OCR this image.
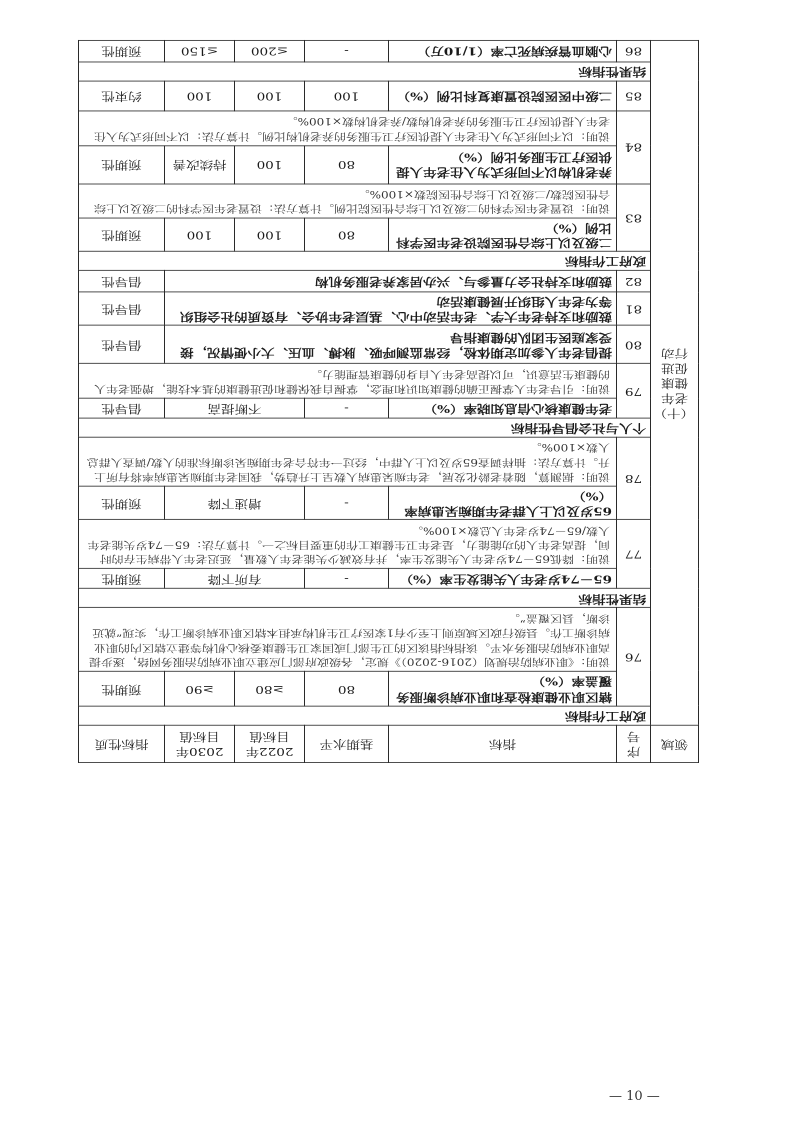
领域	序号	指标	基期水平	2022年目标值	2030年目标值	指标性质

（十）
老年
健康
促进
行动	政府工作指标					
	76	辖区职业健康检查和职业病诊断服务覆盖率（%）	80	≥80	≥90	预期性
		说明：《职业病防治规划（2016-2020）》规定，各级政府部门应建立职业病防治服务网络，逐步提高职业病防治服务水平。该指标指该区的卫生部门或国家卫生健康委核心机构等建立辖区内的职业病诊断工作。县级行政区域原则上至少有1家医疗卫生机构承担本辖区职业病诊断工作，实现“就近诊断，县区覆盖”。				
	结果性指标					
	77	65－74岁老年人失能发生率（%）	-	有所下降		预期性
		说明：降低65－74岁老年人失能发生率，并有效减少失能老年人数量，延迟老年人带病生存的时间，提高老年人的功能能力，是老年卫生健康工作的重要目标之一。计算方法：65－74岁失能老年人数/65－74岁老年人总数×100%。				
	78	65岁及以上人群老年期痴呆患病率（%）	-	增速下降		预期性
		说明：据测算，随着老龄化发展，老年痴呆患病人数呈上升趋势，我国老年期痴呆患病率将有所上升。计算方法：抽样调查65岁及以上人群中，经过一年符合老年期痴呆诊断标准的人数/调查人群总人数×100%。				
	个人与社会倡导性指标					
	79	老年健康核心信息知晓率（%）	-	不断提高		倡导性
		说明：引导老年人掌握正确的健康知识和理念，掌握自我保健和促进健康的基本技能，增强老年人的健康生活意识，可以提高老年人自身的健康管理能力。				
	80	提倡老年人参加定期体检，经常监测呼吸、脉搏、血压、大小便情况，接受家庭医生团队的健康指导				倡导性
	81	鼓励和支持老年大学、老年活动中心、基层老年协会、有资质的社会组织等为老年人组织开展健康活动				倡导性
	82	鼓励和支持社会力量参与、兴办居家养老服务机构				倡导性
	政府工作指标					
	83	二级及以上综合性医院设老年医学科比例（%）	80	100	100	预期性
		说明：设置老年医学科的二级及以上综合性医院比例。计算方法：设置老年医学科的二级及以上综合性医院数/二级及以上综合性医院数×100%。				
	84	养老机构以不同形式为入住老年人提供医疗卫生服务比例（%）	80	100	持续改善	预期性
		说明：以不同形式为入住老年人提供医疗卫生服务的养老机构比例。计算方法：以不同形式为入住老年人提供医疗卫生服务的养老机构数/养老机构数×100%。				
	85	二级中医医院设置康复科比例（%）	100	100	100	约束性
	结果性指标					
	86	心脑血管疾病死亡率（1/10万）	-	≤200	≤150	预期性
— 10 —
